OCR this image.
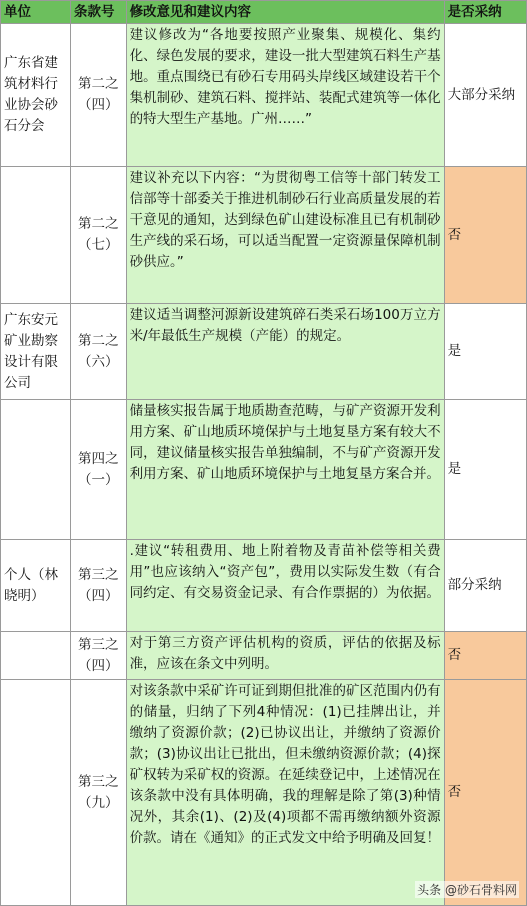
单位	条款号	修改意见和建议内容	是否采纳
广东省建筑材料行业协会砂石分会	第二之（四）	建议修改为“各地要按照产业聚集、规模化、集约化、绿色发展的要求，建设一批大型建筑石料生产基地。重点围绕已有砂石专用码头岸线区域建设若干个集机制砂、建筑石料、搅拌站、装配式建筑等一体化的特大型生产基地。广州……”	大部分采纳
	第二之（七）	建议补充以下内容：“为贯彻粤工信等十部门转发工信部等十部委关于推进机制砂石行业高质量发展的若干意见的通知，达到绿色矿山建设标准且已有机制砂生产线的采石场，可以适当配置一定资源量保障机制砂供应。”	否
广东安元矿业勘察设计有限公司	第二之（六）	建议适当调整河源新设建筑碎石类采石场100万立方米/年最低生产规模（产能）的规定。	是
	第四之（一）	储量核实报告属于地质勘查范畴，与矿产资源开发利用方案、矿山地质环境保护与土地复垦方案有较大不同，建议储量核实报告单独编制，不与矿产资源开发利用方案、矿山地质环境保护与土地复垦方案合并。	是
个人（林晓明）	第三之（四）	.建议“转租费用、地上附着物及青苗补偿等相关费用”也应该纳入“资产包”，费用以实际发生数（有合同约定、有交易资金记录、有合作票据的）为依据。	部分采纳
	第三之（四）	对于第三方资产评估机构的资质，评估的依据及标准，应该在条文中列明。	否
	第三之（九）	对该条款中采矿许可证到期但批准的矿区范围内仍有的储量，归纳了下列4种情况：(1)已挂牌出让，并缴纳了资源价款；(2)已协议出让，并缴纳了资源价款；(3)协议出让已批出，但未缴纳资源价款；(4)探矿权转为采矿权的资源。在延续登记中，上述情况在该条款中没有具体明确，我的理解是除了第(3)种情况外，其余(1)、(2)及(4)项都不需再缴纳额外资源价款。请在《通知》的正式发文中给予明确及回复！	否
头条 @砂石骨料网
